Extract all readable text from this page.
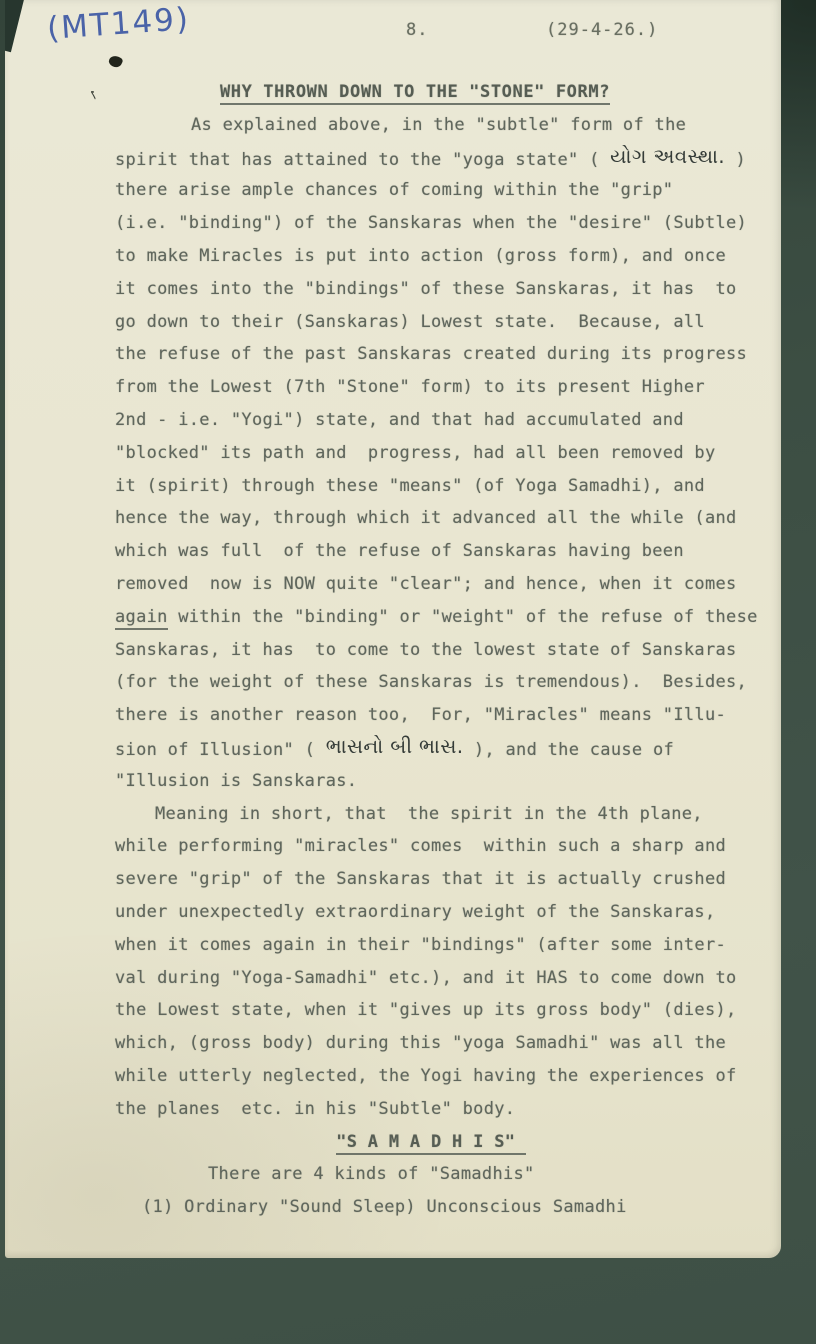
(MT149)
✓
8.	(29-4-26.)
WHY THROWN DOWN TO THE "STONE" FORM?
As explained above, in the "subtle" form of the
spirit that has attained to the "yoga state" ( યોગ અવસ્થા. )
there arise ample chances of coming within the "grip"
(i.e. "binding") of the Sanskaras when the "desire" (Subtle)
to make Miracles is put into action (gross form), and once
it comes into the "bindings" of these Sanskaras, it has  to
go down to their (Sanskaras) Lowest state.  Because, all
the refuse of the past Sanskaras created during its progress
from the Lowest (7th "Stone" form) to its present Higher
2nd - i.e. "Yogi") state, and that had accumulated and
"blocked" its path and  progress, had all been removed by
it (spirit) through these "means" (of Yoga Samadhi), and
hence the way, through which it advanced all the while (and
which was full  of the refuse of Sanskaras having been
removed  now is NOW quite "clear"; and hence, when it comes
again within the "binding" or "weight" of the refuse of these
Sanskaras, it has  to come to the lowest state of Sanskaras
(for the weight of these Sanskaras is tremendous).  Besides,
there is another reason too,  For, "Miracles" means "Illu-
sion of Illusion" ( ભાસનો બી ભાસ. ), and the cause of
"Illusion is Sanskaras.
Meaning in short, that  the spirit in the 4th plane,
while performing "miracles" comes  within such a sharp and
severe "grip" of the Sanskaras that it is actually crushed
under unexpectedly extraordinary weight of the Sanskaras,
when it comes again in their "bindings" (after some inter-
val during "Yoga-Samadhi" etc.), and it HAS to come down to
the Lowest state, when it "gives up its gross body" (dies),
which, (gross body) during this "yoga Samadhi" was all the
while utterly neglected, the Yogi having the experiences of
the planes  etc. in his "Subtle" body.
"S A M A D H I S"
There are 4 kinds of "Samadhis"
(1) Ordinary "Sound Sleep) Unconscious Samadhi
